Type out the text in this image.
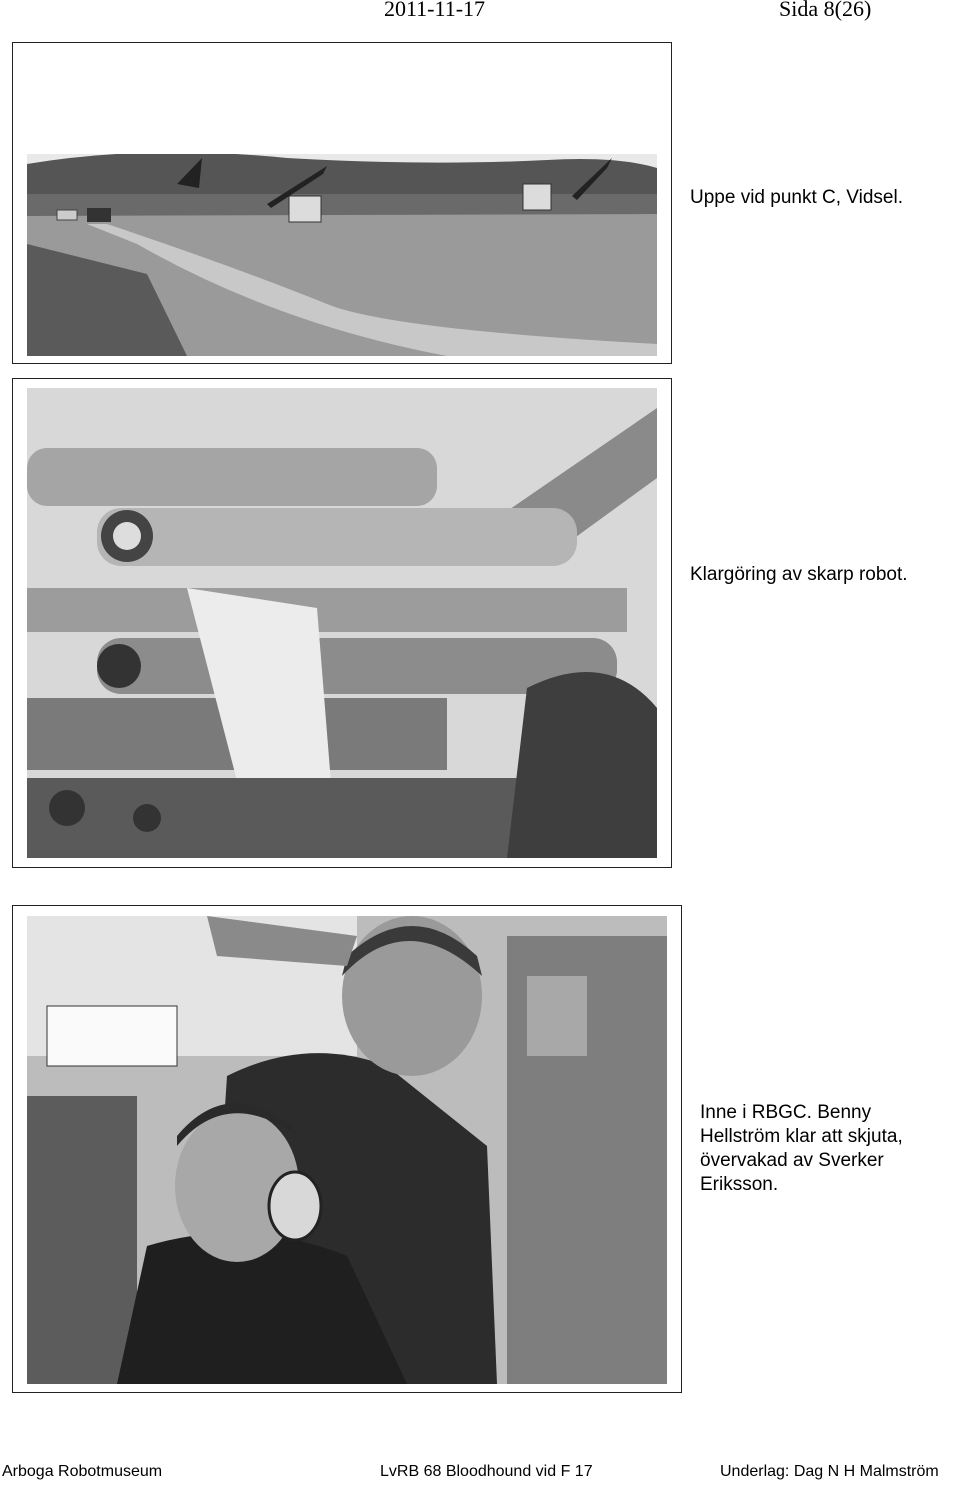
2011-11-17	Sida 8(26)
Uppe vid punkt C, Vidsel.
Klargöring av skarp robot.
Inne i RBGC. Benny Hellström klar att skjuta, övervakad av Sverker Eriksson.
Arboga Robotmuseum	LvRB 68 Bloodhound vid F 17	Underlag: Dag N H Malmström
